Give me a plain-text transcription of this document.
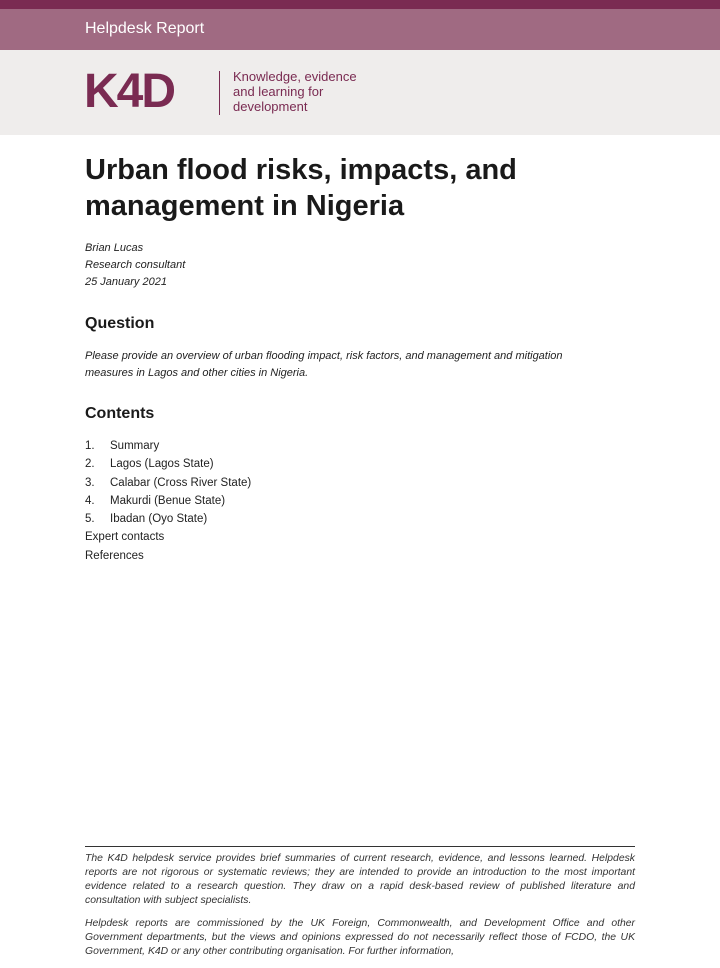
Helpdesk Report
K4D	Knowledge, evidence
and learning for
development
Urban flood risks, impacts, and management in Nigeria
Brian Lucas
Research consultant
25 January 2021
Question
Please provide an overview of urban flooding impact, risk factors, and management and mitigation measures in Lagos and other cities in Nigeria.
Contents
1.	Summary
2.	Lagos (Lagos State)
3.	Calabar (Cross River State)
4.	Makurdi (Benue State)
5.	Ibadan (Oyo State)
Expert contacts
References

The K4D helpdesk service provides brief summaries of current research, evidence, and lessons learned. Helpdesk reports are not rigorous or systematic reviews; they are intended to provide an introduction to the most important evidence related to a research question. They draw on a rapid desk-based review of published literature and consultation with subject specialists.

Helpdesk reports are commissioned by the UK Foreign, Commonwealth, and Development Office and other Government departments, but the views and opinions expressed do not necessarily reflect those of FCDO, the UK Government, K4D or any other contributing organisation. For further information,
